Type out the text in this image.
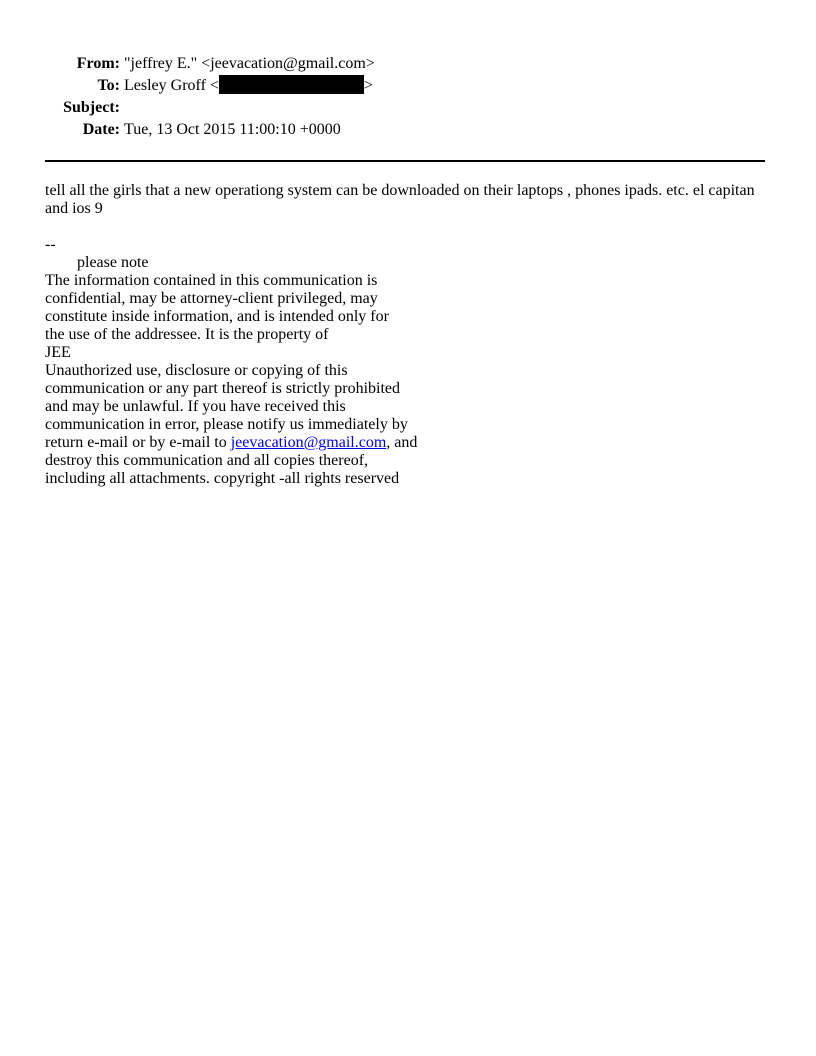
From: "jeffrey E." <jeevacation@gmail.com>
To: Lesley Groff <	>
Subject:
Date: Tue, 13 Oct 2015 11:00:10 +0000

tell all the girls that a new operationg system can be downloaded on their laptops , phones ipads. etc. el capitan and ios 9

--
please note
The information contained in this communication is
confidential, may be attorney-client privileged, may
constitute inside information, and is intended only for
the use of the addressee. It is the property of
JEE
Unauthorized use, disclosure or copying of this
communication or any part thereof is strictly prohibited
and may be unlawful. If you have received this
communication in error, please notify us immediately by
return e-mail or by e-mail to jeevacation@gmail.com, and
destroy this communication and all copies thereof,
including all attachments. copyright -all rights reserved
